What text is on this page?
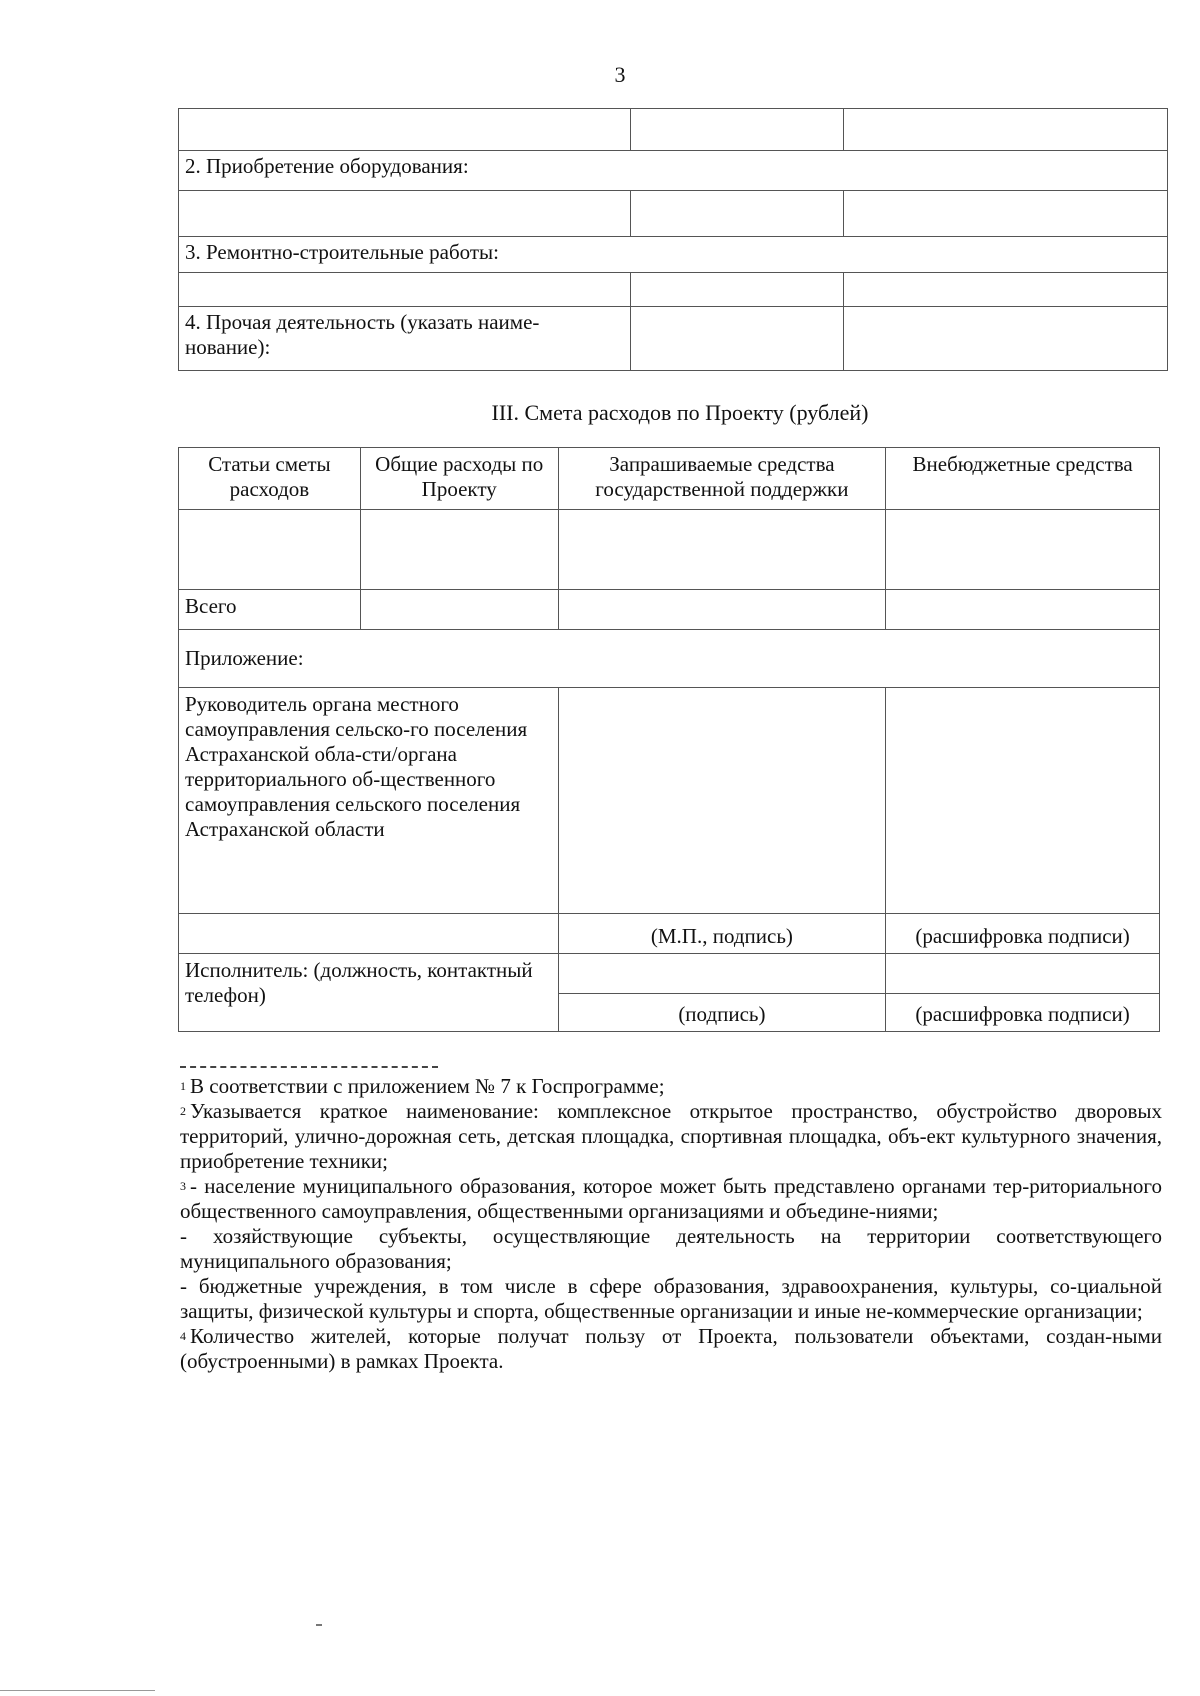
3

2. Приобретение оборудования:		

3. Ремонтно-строительные работы:		

4. Прочая деятельность (указать наиме-нование):		
III. Смета расходов по Проекту (рублей)
Статьи сметы расходов	Общие расходы по Проекту	Запрашиваемые средства государственной поддержки	Внебюджетные средства

Всего			
Приложение:			
Руководитель органа местного самоуправления сельско-го поселения Астраханской обла-сти/органа территориального об-щественного самоуправления сельского поселения Астраханской области			
		(М.П., подпись)	(расшифровка подписи)
Исполнитель: (должность, контактный телефон)			
		(подпись)	(расшифровка подписи)

$^1$ В соответствии с приложением № 7 к Госпрограмме;

$^2$ Указывается краткое наименование: комплексное открытое пространство, обустройство дворовых территорий, улично-дорожная сеть, детская площадка, спортивная площадка, объ-ект культурного значения, приобретение техники;

$^3$ - население муниципального образования, которое может быть представлено органами тер-риториального общественного самоуправления, общественными организациями и объедине-ниями;

- хозяйствующие субъекты, осуществляющие деятельность на территории соответствующего муниципального образования;

- бюджетные учреждения, в том числе в сфере образования, здравоохранения, культуры, со-циальной защиты, физической культуры и спорта, общественные организации и иные не-коммерческие организации;

$^4$ Количество жителей, которые получат пользу от Проекта, пользователи объектами, создан-ными (обустроенными) в рамках Проекта.
